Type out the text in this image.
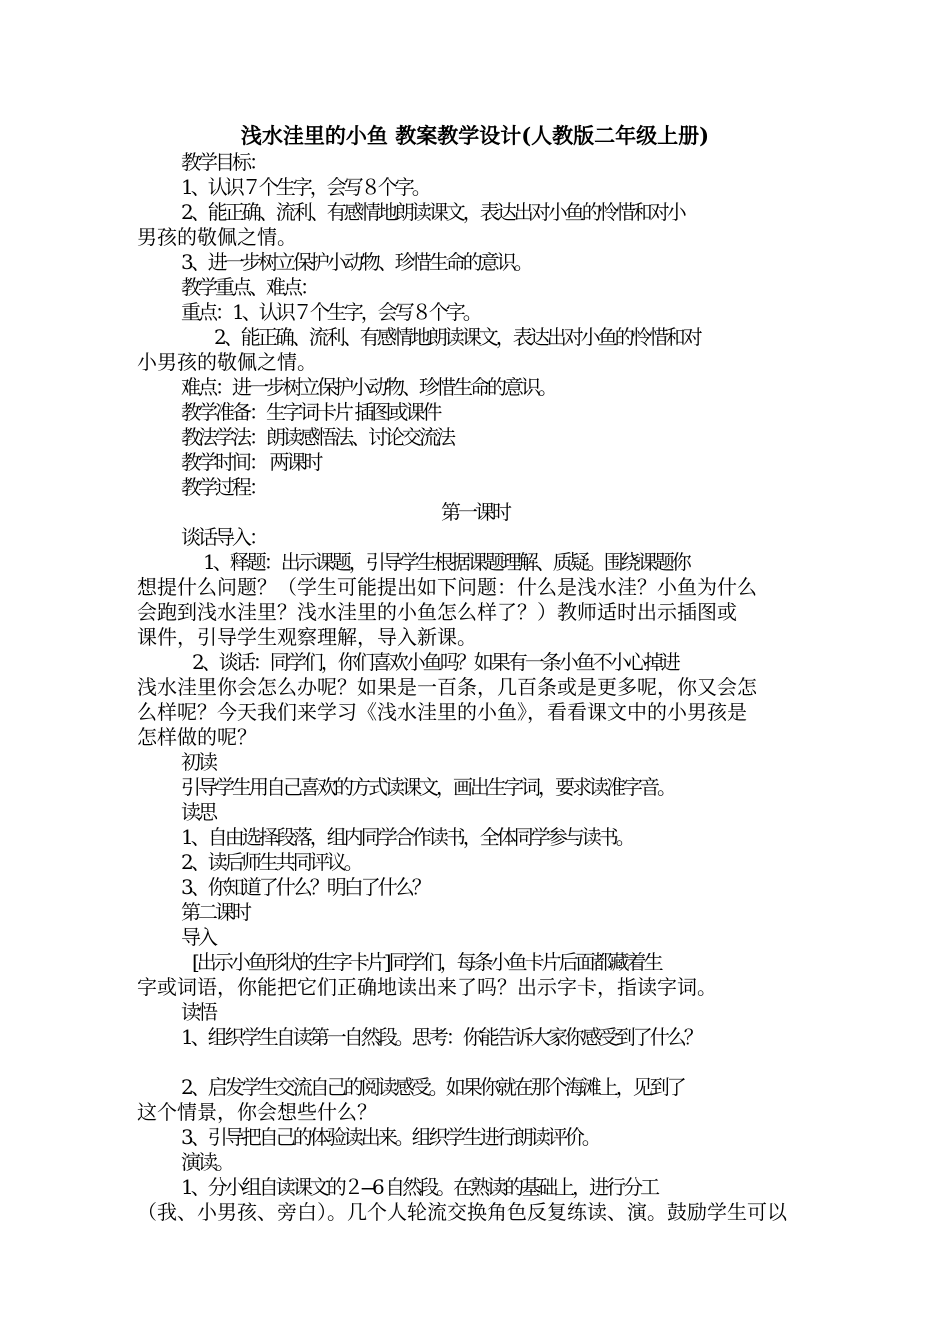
浅水洼里的小鱼 教案教学设计(人教版二年级上册)
教学目标：
1、认识７个生字，会写８个字。
2、能正确、流利、有感情地朗读课文，表达出对小鱼的怜惜和对小
男孩的敬佩之情。
3、进一步树立保护小动物、珍惜生命的意识。
教学重点、难点：
重点：1、认识７个生字，会写８个字。
2、能正确、流利、有感情地朗读课文，表达出对小鱼的怜惜和对
小男孩的敬佩之情。
难点：进一步树立保护小动物、珍惜生命的意识。
教学准备：生字词卡片 插图或课件
教法学法：朗读感悟法、讨论交流法
教学时间： 两课时
教学过程：
第一课时
谈话导入：
1、释题：出示课题，引导学生根据课题理解、质疑。围绕课题你
想提什么问题？（学生可能提出如下问题：什么是浅水洼？小鱼为什么
会跑到浅水洼里？浅水洼里的小鱼怎么样了？）教师适时出示插图或
课件，引导学生观察理解，导入新课。
2、谈话：同学们，你们喜欢小鱼吗？如果有一条小鱼不小心掉进
浅水洼里你会怎么办呢？如果是一百条，几百条或是更多呢，你又会怎
么样呢？今天我们来学习《浅水洼里的小鱼》，看看课文中的小男孩是
怎样做的呢？
初读
引导学生用自己喜欢的方式读课文，画出生字词，要求读准字音。
读思
1、自由选择段落，组内同学合作读书，全体同学参与读书。
2、读后师生共同评议。
3、你知道了什么？明白了什么？
第二课时
导入
[出示小鱼形状的生字卡片]同学们，每条小鱼卡片后面都藏着生
字或词语，你能把它们正确地读出来了吗？出示字卡，指读字词。
读悟
1、组织学生自读第一自然段。思考：你能告诉大家你感受到了什么？
2、启发学生交流自己的阅读感受。如果你就在那个海滩上，见到了
这个情景，你会想些什么？
3、引导把自己的体验读出来。组织学生进行朗读评价。
演读。
1、分小组自读课文的２---6 自然段。在熟读的基础上，进行分工
（我、小男孩、旁白）。几个人轮流交换角色反复练读、演。鼓励学生可以
